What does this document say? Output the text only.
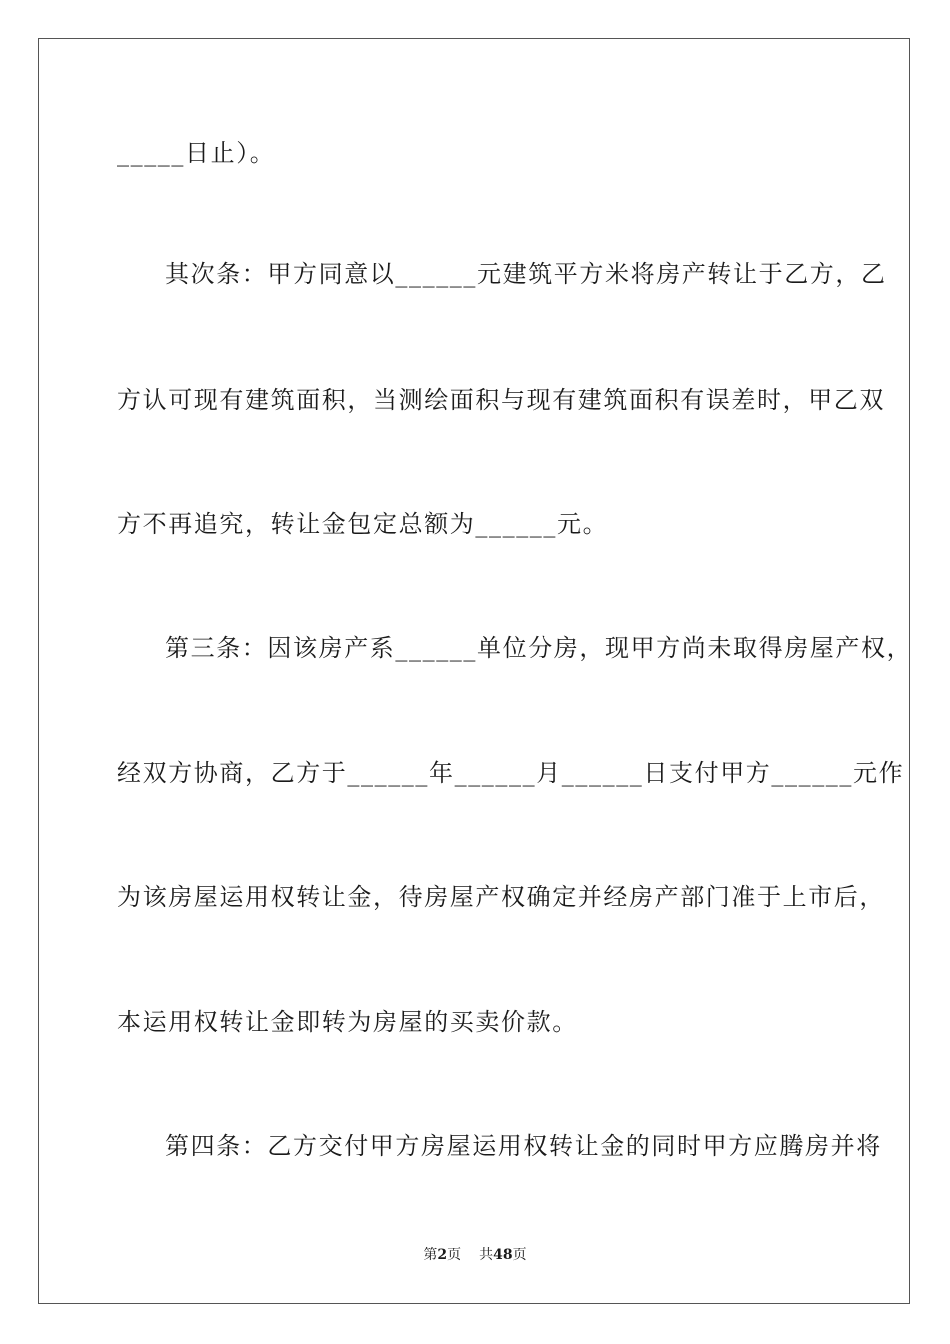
_____日止）。
其次条：甲方同意以______元建筑平方米将房产转让于乙方，乙
方认可现有建筑面积，当测绘面积与现有建筑面积有误差时，甲乙双
方不再追究，转让金包定总额为______元。
第三条：因该房产系______单位分房，现甲方尚未取得房屋产权，
经双方协商，乙方于______年______月______日支付甲方______元作
为该房屋运用权转让金，待房屋产权确定并经房产部门准于上市后，
本运用权转让金即转为房屋的买卖价款。
第四条：乙方交付甲方房屋运用权转让金的同时甲方应腾房并将
第2页 共48页
